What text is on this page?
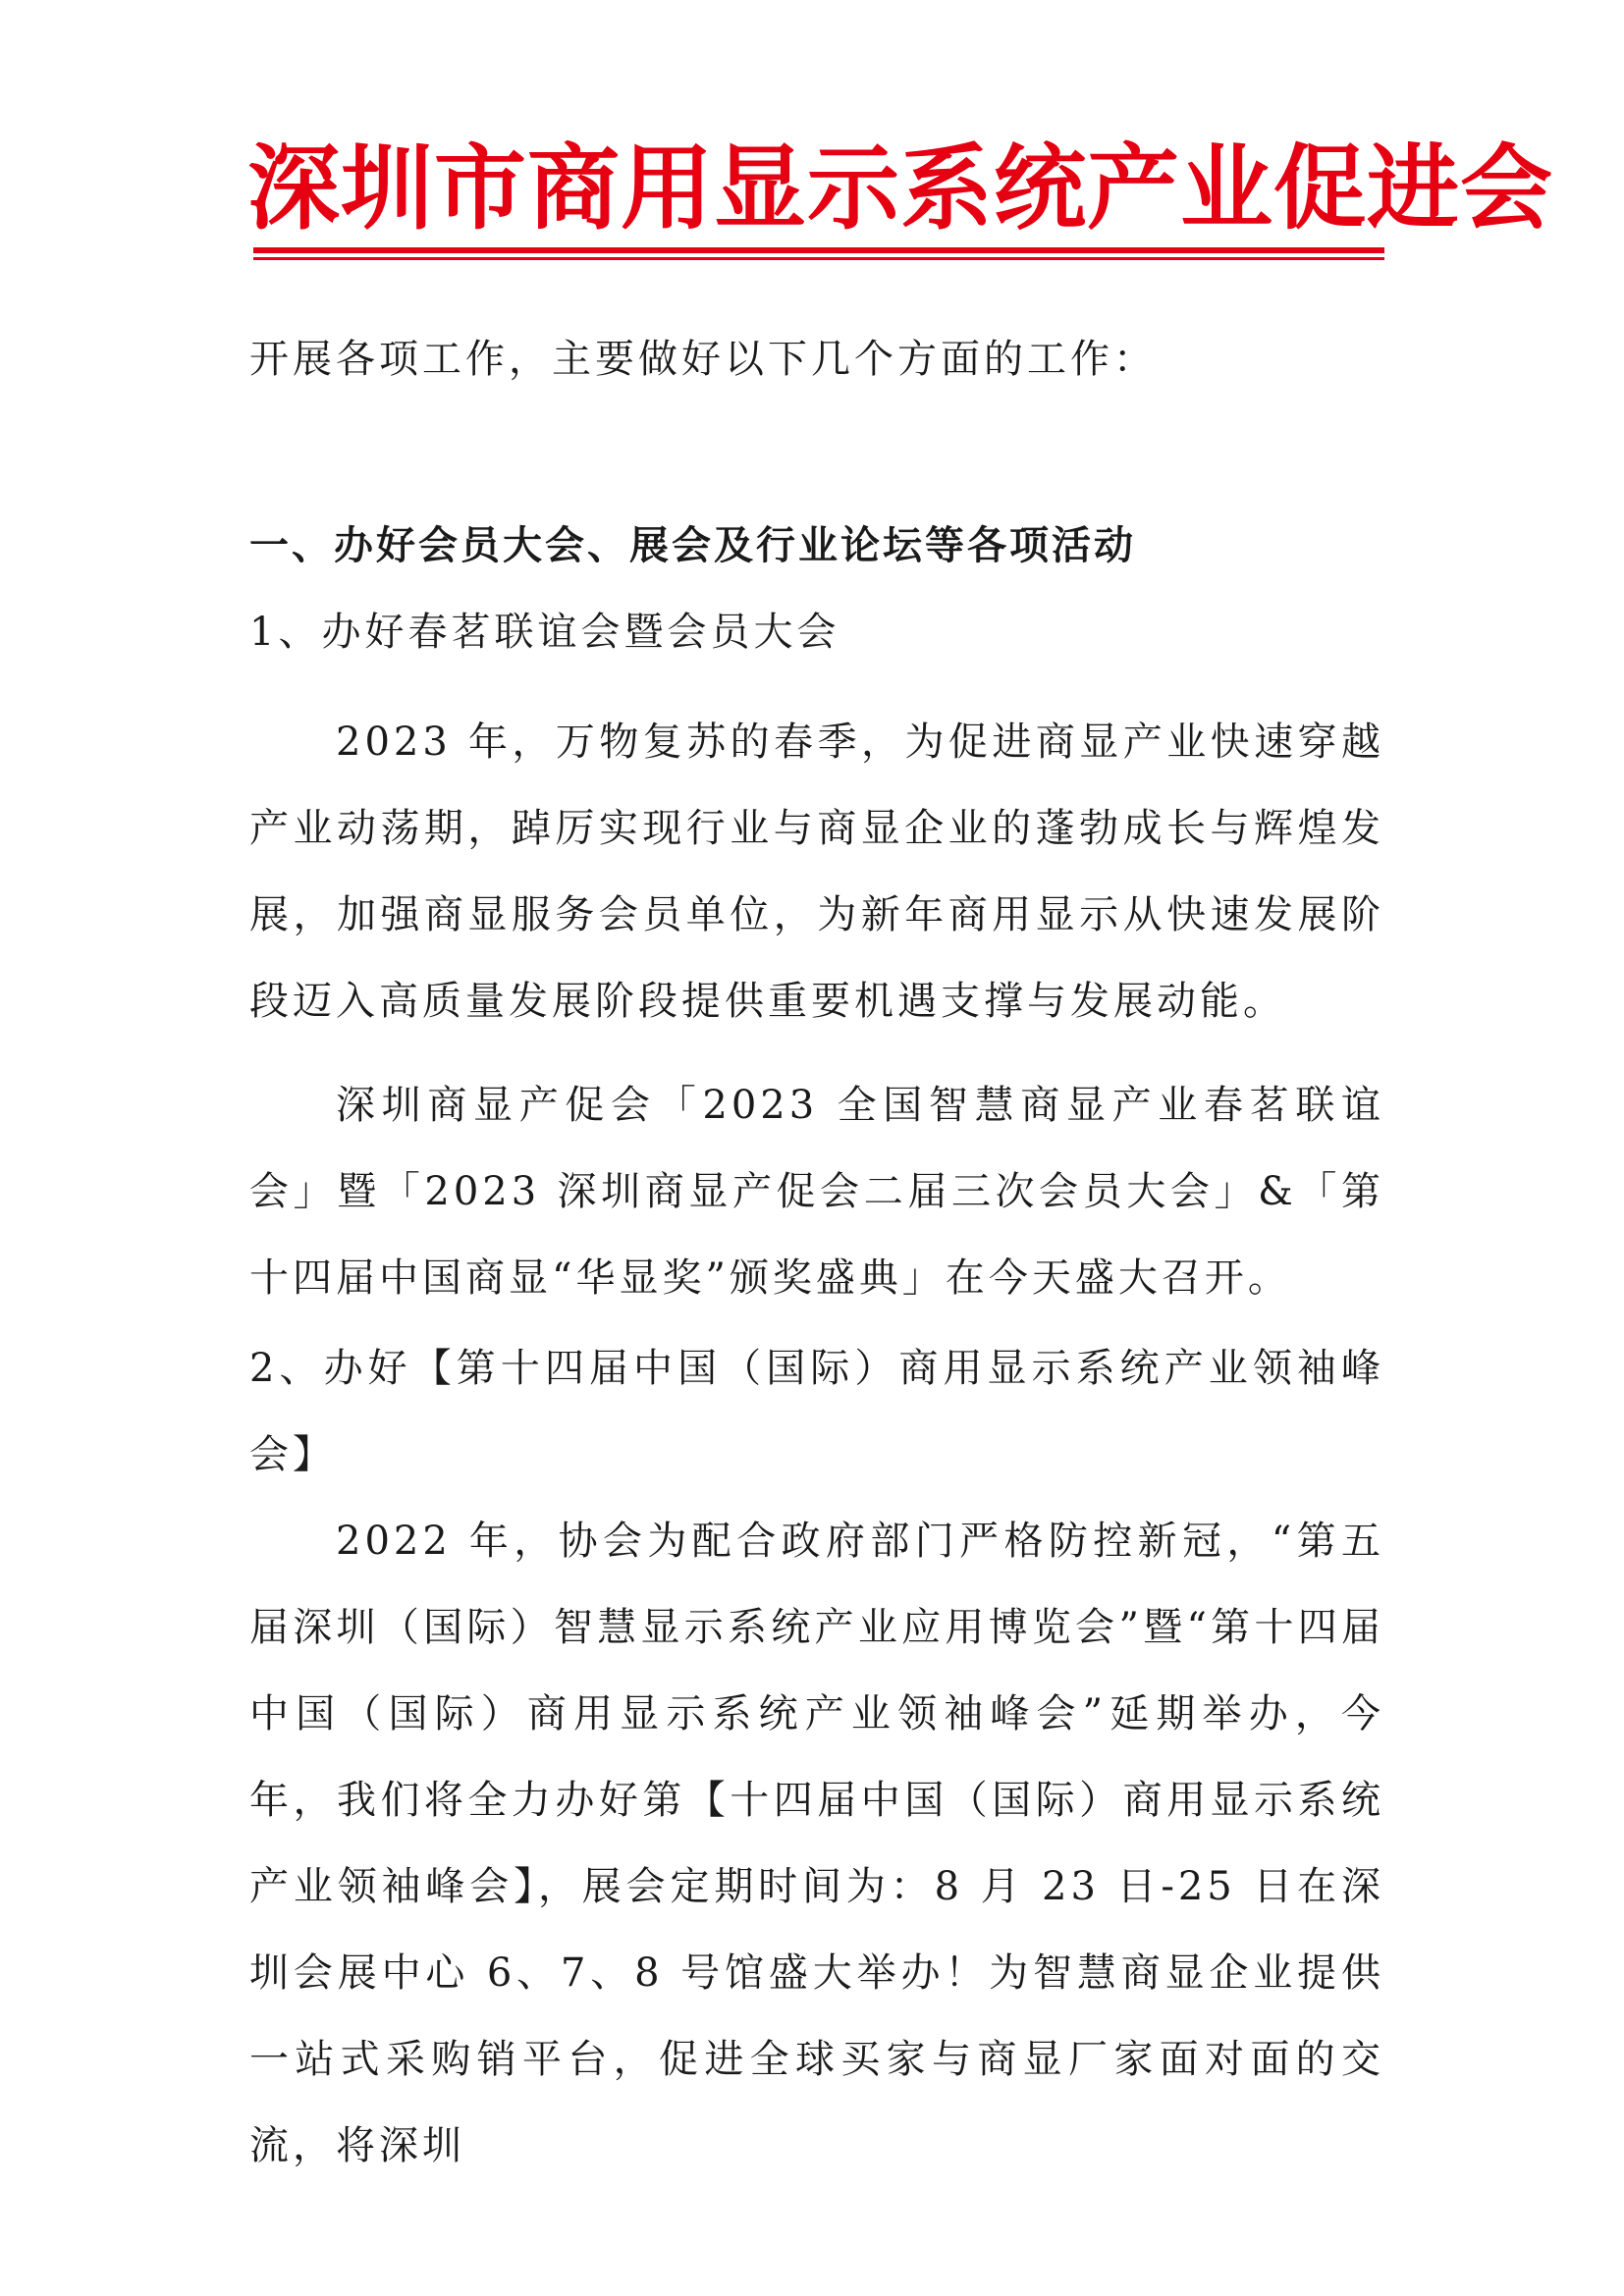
深圳市商用显示系统产业促进会
开展各项工作，主要做好以下几个方面的工作：
一、办好会员大会、展会及行业论坛等各项活动
1、办好春茗联谊会暨会员大会
2023 年，万物复苏的春季，为促进商显产业快速穿越产业动荡期，踔厉实现行业与商显企业的蓬勃成长与辉煌发展，加强商显服务会员单位，为新年商用显示从快速发展阶段迈入高质量发展阶段提供重要机遇支撑与发展动能。
深圳商显产促会「2023 全国智慧商显产业春茗联谊会」暨「2023 深圳商显产促会二届三次会员大会」&「第十四届中国商显“华显奖”颁奖盛典」在今天盛大召开。
2、办好【第十四届中国（国际）商用显示系统产业领袖峰会】
2022 年，协会为配合政府部门严格防控新冠，“第五届深圳（国际）智慧显示系统产业应用博览会”暨“第十四届中国（国际）商用显示系统产业领袖峰会”延期举办，今年，我们将全力办好第【十四届中国（国际）商用显示系统产业领袖峰会】，展会定期时间为：8 月 23 日-25 日在深圳会展中心 6、7、8 号馆盛大举办！为智慧商显企业提供一站式采购销平台，促进全球买家与商显厂家面对面的交流，将深圳
